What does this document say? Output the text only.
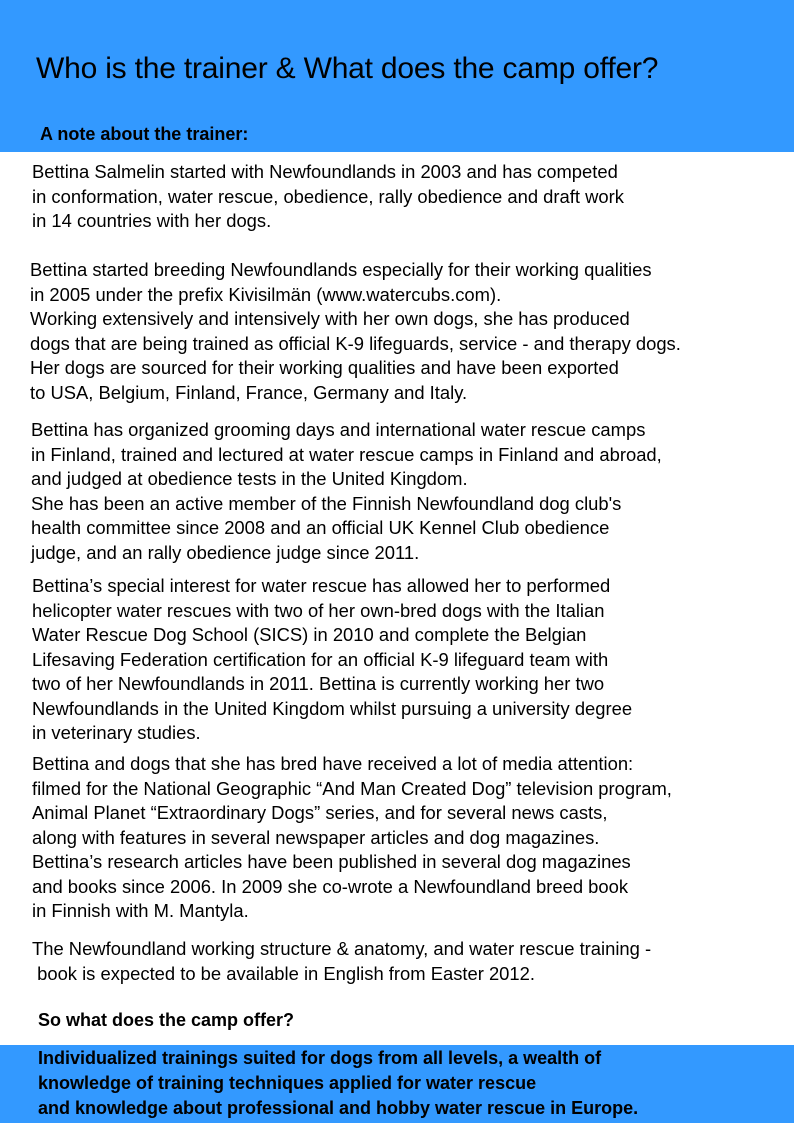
Who is the trainer & What does the camp offer?
A note about the trainer:
Bettina Salmelin started with Newfoundlands in 2003 and has competed
in conformation, water rescue, obedience, rally obedience and draft work
in 14 countries with her dogs.
Bettina started breeding Newfoundlands especially for their working qualities
in 2005 under the prefix Kivisilmän (www.watercubs.com).
Working extensively and intensively with her own dogs, she has produced
dogs that are being trained as official K-9 lifeguards, service - and therapy dogs.
Her dogs are sourced for their working qualities and have been exported
to USA, Belgium, Finland, France, Germany and Italy.
Bettina has organized grooming days and international water rescue camps
in Finland, trained and lectured at water rescue camps in Finland and abroad,
and judged at obedience tests in the United Kingdom.
She has been an active member of the Finnish Newfoundland dog club's
health committee since 2008 and an official UK Kennel Club obedience
judge, and an rally obedience judge since 2011.
Bettina’s special interest for water rescue has allowed her to performed
helicopter water rescues with two of her own-bred dogs with the Italian
Water Rescue Dog School (SICS) in 2010 and complete the Belgian
Lifesaving Federation certification for an official K-9 lifeguard team with
two of her Newfoundlands in 2011. Bettina is currently working her two
Newfoundlands in the United Kingdom whilst pursuing a university degree
in veterinary studies.
Bettina and dogs that she has bred have received a lot of media attention:
filmed for the National Geographic “And Man Created Dog” television program,
Animal Planet “Extraordinary Dogs” series, and for several news casts,
along with features in several newspaper articles and dog magazines.
Bettina’s research articles have been published in several dog magazines
and books since 2006. In 2009 she co-wrote a Newfoundland breed book
in Finnish with M. Mantyla.
The Newfoundland working structure & anatomy, and water rescue training -
book is expected to be available in English from Easter 2012.
So what does the camp offer?
Individualized trainings suited for dogs from all levels, a wealth of
knowledge of training techniques applied for water rescue
and knowledge about professional and hobby water rescue in Europe.
